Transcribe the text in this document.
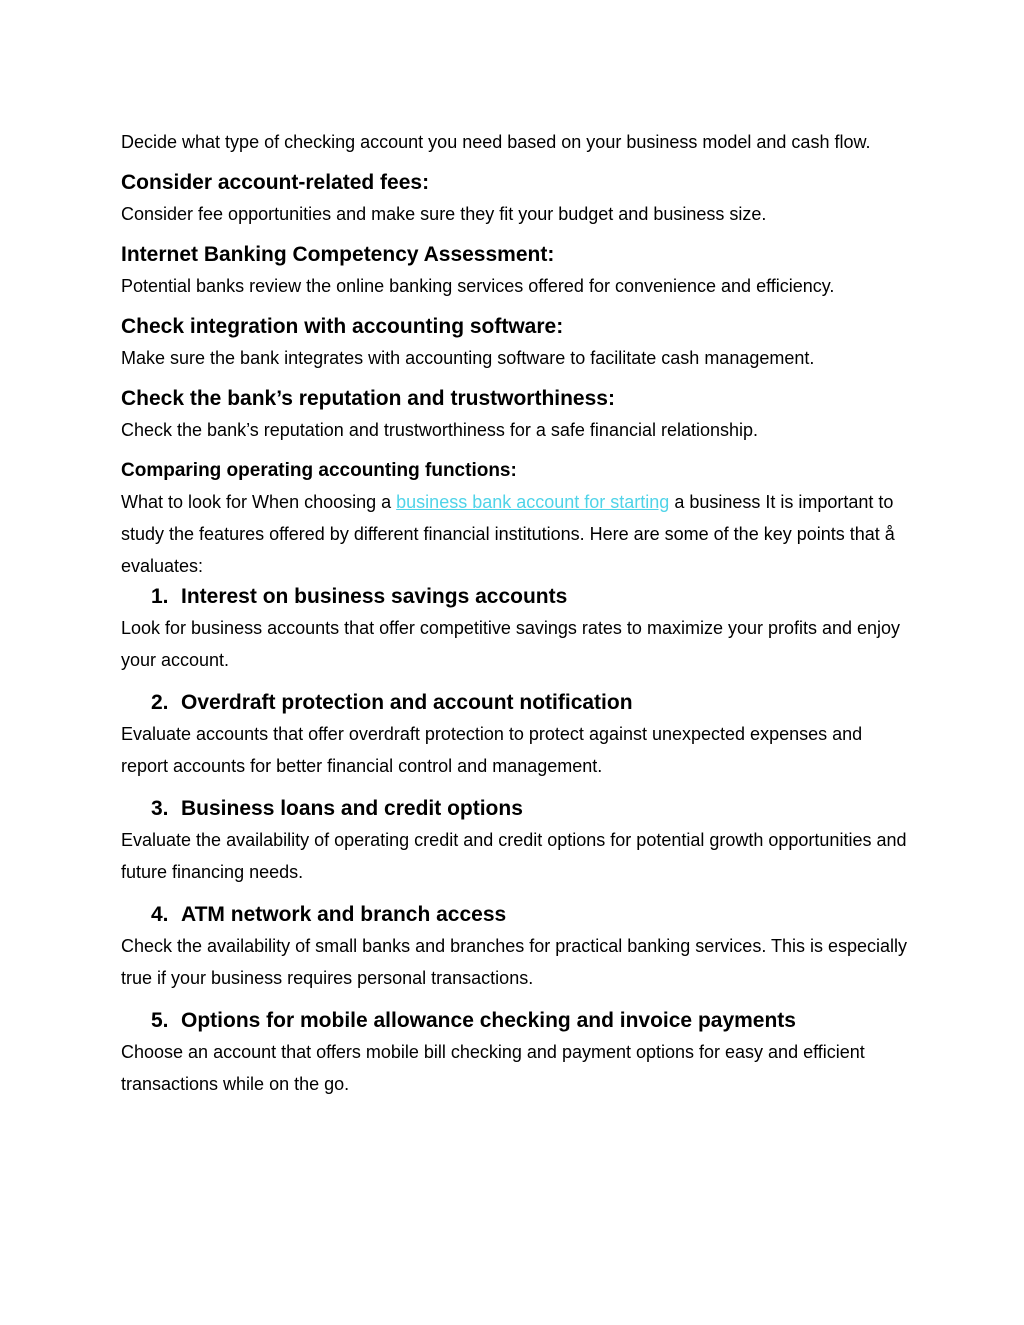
Decide what type of checking account you need based on your business model and cash flow.

Consider account-related fees:

Consider fee opportunities and make sure they fit your budget and business size.

Internet Banking Competency Assessment:

Potential banks review the online banking services offered for convenience and efficiency.

Check integration with accounting software:

Make sure the bank integrates with accounting software to facilitate cash management.

Check the bank’s reputation and trustworthiness:

Check the bank’s reputation and trustworthiness for a safe financial relationship.

Comparing operating accounting functions:

What to look for When choosing a business bank account for starting a business It is important to study the features offered by different financial institutions. Here are some of the key points that å evaluates:

1. Interest on business savings accounts

Look for business accounts that offer competitive savings rates to maximize your profits and enjoy your account.

2. Overdraft protection and account notification

Evaluate accounts that offer overdraft protection to protect against unexpected expenses and report accounts for better financial control and management.

3. Business loans and credit options

Evaluate the availability of operating credit and credit options for potential growth opportunities and future financing needs.

4. ATM network and branch access

Check the availability of small banks and branches for practical banking services. This is especially true if your business requires personal transactions.

5. Options for mobile allowance checking and invoice payments

Choose an account that offers mobile bill checking and payment options for easy and efficient transactions while on the go.
